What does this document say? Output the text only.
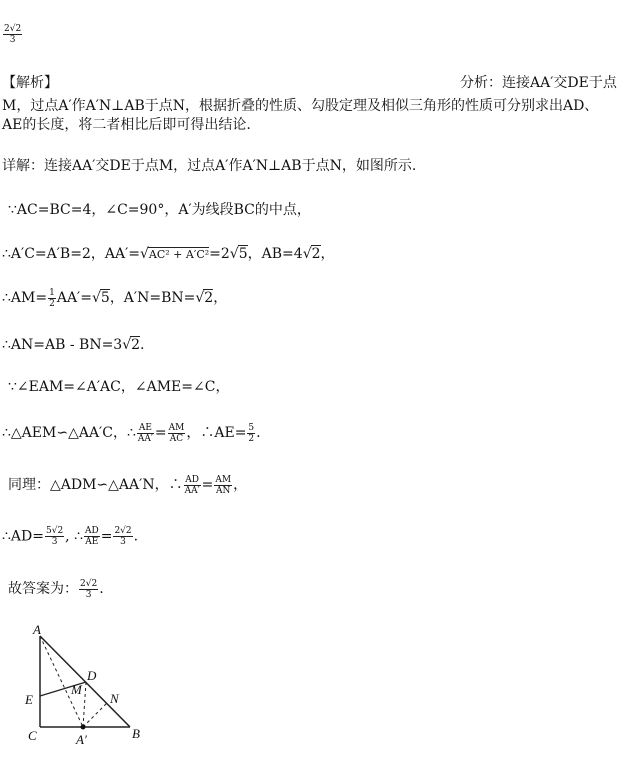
$\frac{2√2}{3}$
【解析】	分析：连接AA′交DE于点
M，过点A′作A′N⊥AB于点N，根据折叠的性质、勾股定理及相似三角形的性质可分别求出AD、
AE的长度，将二者相比后即可得出结论.
详解：连接AA′交DE于点M，过点A′作A′N⊥AB于点N，如图所示.
∵AC=BC=4，∠C=90°，A′为线段BC的中点，
∴A′C=A′B=2，AA′=√AC² + A′C²=2√5，AB=4√2，
∴AM= $\frac{1}{2} AA'=√5$，A′N=BN=√2，
∴AN=AB - BN=3√2.
∵∠EAM=∠A′AC，∠AME=∠C，
∴△AEM∽△AA′C，∴ $\frac{AE}{AA'} = \frac{AM}{AC}$ ，∴AE= $\frac{5}{2}$ .
同理：△ADM∽△AA′N，∴ $\frac{AD}{AA'} = \frac{AM}{AN}$ ，
∴AD= $\frac{5√2}{3}$ , ∴ $\frac{AD}{AE} = \frac{2√2}{3}$ .
故答案为： $\frac{2√2}{3}$ .
A
D
M
N
E
C	A′	B
